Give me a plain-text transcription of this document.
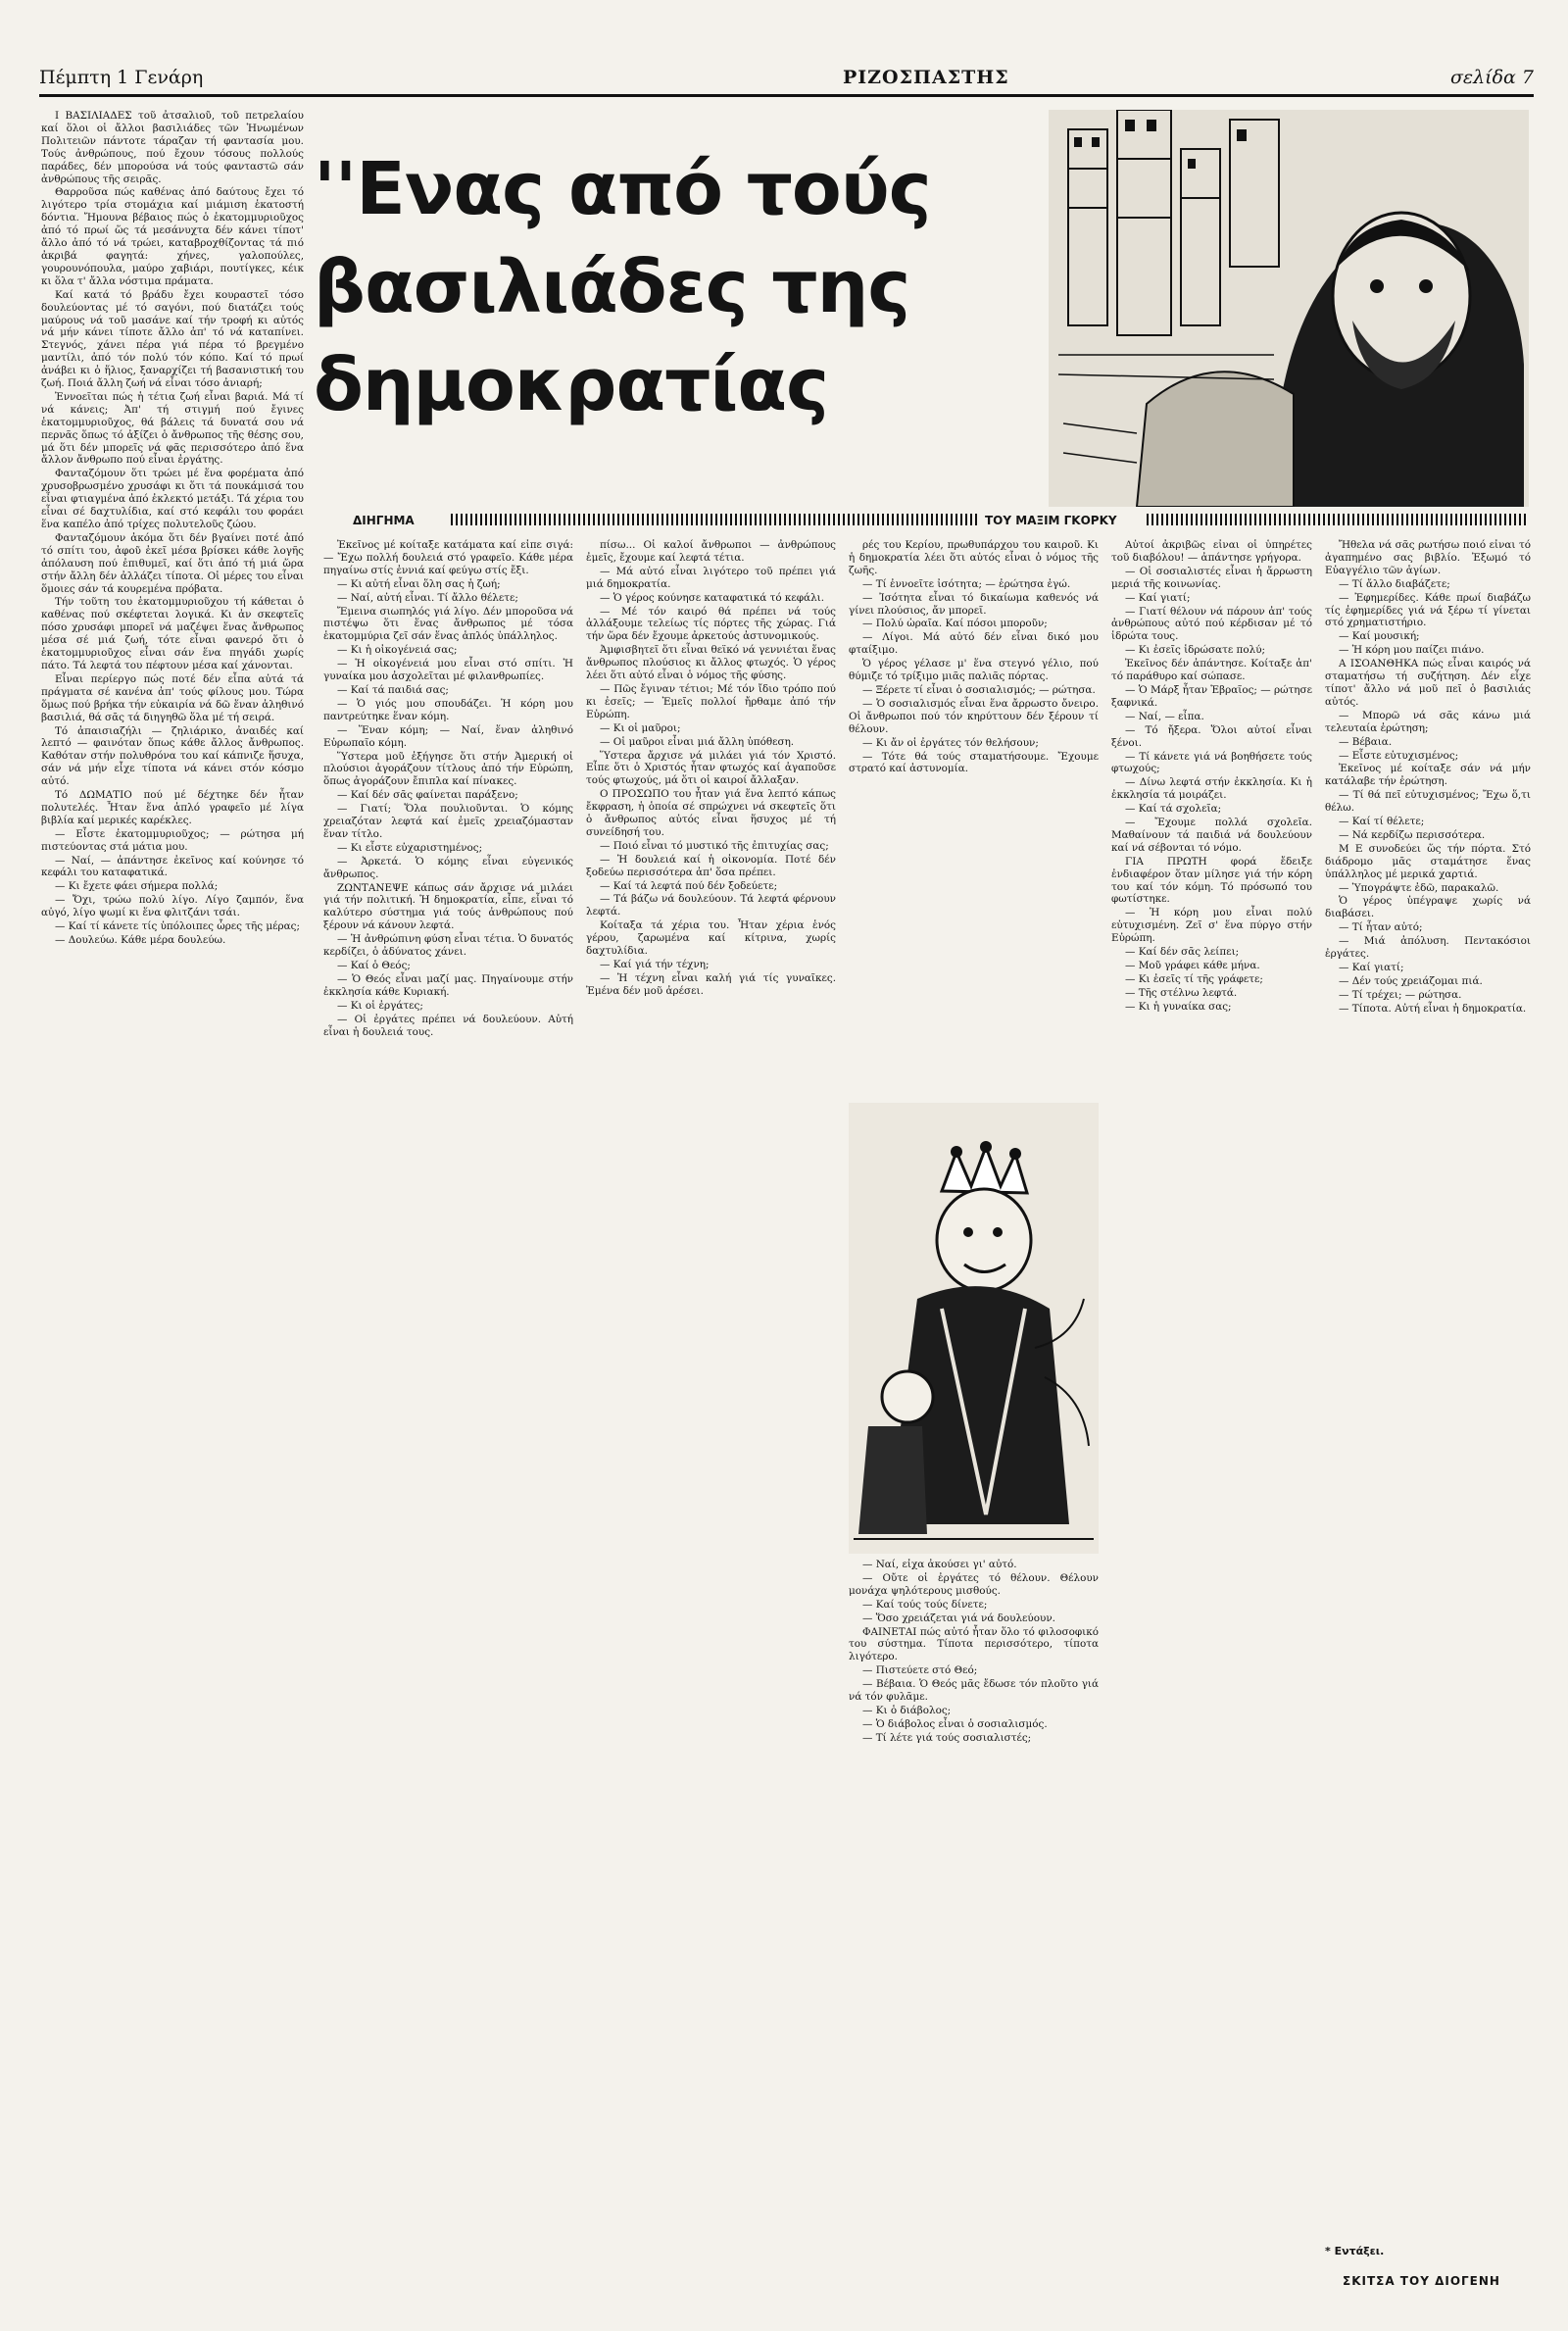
Πέμπτη 1 Γενάρη	ΡΙΖΟΣΠΑΣΤΗΣ	σελίδα 7

Ι ΒΑΣΙΛΙΑΔΕΣ τοῦ ἀτσαλιοῦ, τοῦ πετρελαίου καί ὅλοι οἱ ἄλλοι βασιλιάδες τῶν Ἡνωμένων Πολιτειῶν πάντοτε τάραζαν τή φαντασία μου. Τούς ἀνθρώπους, πού ἔχουν τόσους πολλούς παράδες, δέν μπορούσα νά τούς φανταστῶ σάν ἀνθρώπους τῆς σειρᾶς.

Θαρροῦσα πώς καθένας ἀπό δαύτους ἔχει τό λιγότερο τρία στομάχια καί μιάμιση ἑκατοστή δόντια. Ἤμουνα βέβαιος πώς ὁ ἑκατομμυριοῦχος ἀπό τό πρωί ὥς τά μεσάνυχτα δέν κάνει τίποτ' ἄλλο ἀπό τό νά τρώει, καταβροχθίζοντας τά πιό ἀκριβά φαγητά: χήνες, γαλοπούλες, γουρουνόπουλα, μαύρο χαβιάρι, πουτίγκες, κέικ κι ὅλα τ' ἄλλα νόστιμα πράματα.

Καί κατά τό βράδυ ἔχει κουραστεῖ τόσο δουλεύοντας μέ τό σαγόνι, πού διατάζει τούς μαύρους νά τοῦ μασάνε καί τήν τροφή κι αὐτός νά μήν κάνει τίποτε ἄλλο ἀπ' τό νά καταπίνει. Στεγνός, χάνει πέρα γιά πέρα τό βρεγμένο μαντίλι, ἀπό τόν πολύ τόν κόπο. Καί τό πρωί ἀνάβει κι ὁ ἥλιος, ξαναρχίζει τή βασανιστική του ζωή. Ποιά ἄλλη ζωή νά εἶναι τόσο ἀνιαρή;

Ἐννοεῖται πώς ἡ τέτια ζωή εἶναι βαριά. Μά τί νά κάνεις; Ἀπ' τή στιγμή πού ἔγινες ἑκατομμυριοῦχος, θά βάλεις τά δυνατά σου νά περνᾶς ὅπως τό ἀξίζει ὁ ἄνθρωπος τῆς θέσης σου, μά ὅτι δέν μπορεῖς νά φᾶς περισσότερο ἀπό ἕνα ἄλλον ἄνθρωπο πού εἶναι ἐργάτης.

Φανταζόμουν ὅτι τρώει μέ ἕνα φορέματα ἀπό χρυσοβρωσμένο χρυσάφι κι ὅτι τά πουκάμισά του εἶναι φτιαγμένα ἀπό ἐκλεκτό μετάξι. Τά χέρια του εἶναι σέ δαχτυλίδια, καί στό κεφάλι του φοράει ἕνα καπέλο ἀπό τρίχες πολυτελοῦς ζώου.

Φανταζόμουν ἀκόμα ὅτι δέν βγαίνει ποτέ ἀπό τό σπίτι του, ἀφοῦ ἐκεῖ μέσα βρίσκει κάθε λογῆς ἀπόλαυση πού ἐπιθυμεῖ, καί ὅτι ἀπό τή μιά ὥρα στήν ἄλλη δέν ἀλλάζει τίποτα. Οἱ μέρες του εἶναι ὅμοιες σάν τά κουρεμένα πρόβατα.

Τήν τοῦτη του ἑκατομμυριοῦχου τή κάθεται ὁ καθένας πού σκέφτεται λογικά. Κι ἀν σκεφτεῖς πόσο χρυσάφι μπορεῖ νά μαζέψει ἕνας ἄνθρωπος μέσα σέ μιά ζωή, τότε εἶναι φανερό ὅτι ὁ ἑκατομμυριοῦχος εἶναι σάν ἕνα πηγάδι χωρίς πάτο. Τά λεφτά του πέφτουν μέσα καί χάνονται.

Εἶναι περίεργο πώς ποτέ δέν εἶπα αὐτά τά πράγματα σέ κανένα ἀπ' τούς φίλους μου. Τώρα ὅμως πού βρήκα τήν εὐκαιρία νά δῶ ἕναν ἀληθινό βασιλιά, θά σᾶς τά διηγηθῶ ὅλα μέ τή σειρά.

Τό ἀπαισιαζήλι — ζηλιάρικο, ἀναιδές καί λεπτό — φαινόταν ὅπως κάθε ἄλλος ἄνθρωπος. Καθόταν στήν πολυθρόνα του καί κάπνιζε ἥσυχα, σάν νά μήν εἶχε τίποτα νά κάνει στόν κόσμο αὐτό.

Τό ΔΩΜΑΤΙΟ πού μέ δέχτηκε δέν ἦταν πολυτελές. Ἦταν ἕνα ἀπλό γραφεῖο μέ λίγα βιβλία καί μερικές καρέκλες.

— Εἶστε ἑκατομμυριοῦχος; — ρώτησα μή πιστεύοντας στά μάτια μου.

— Ναί, — ἀπάντησε ἐκεῖνος καί κούνησε τό κεφάλι του καταφατικά.

— Κι ἔχετε φάει σήμερα πολλά;

— Ὄχι, τρώω πολύ λίγο. Λίγο ζαμπόν, ἕνα αὐγό, λίγο ψωμί κι ἕνα φλιτζάνι τσάι.

— Καί τί κάνετε τίς ὑπόλοιπες ὧρες τῆς μέρας;

— Δουλεύω. Κάθε μέρα δουλεύω.

''Ενας από τούς
βασιλιάδες της
δημοκρατίας
ΔΙΗΓΗΜΑ	ΤΟΥ ΜΑΞΙΜ ΓΚΟΡΚΥ

Ἐκεῖνος μέ κοίταξε κατάματα καί εἶπε σιγά: — Ἔχω πολλή δουλειά στό γραφεῖο. Κάθε μέρα πηγαίνω στίς ἐννιά καί φεύγω στίς ἔξι.

— Κι αὐτή εἶναι ὅλη σας ἡ ζωή;

— Ναί, αὐτή εἶναι. Τί ἄλλο θέλετε;

Ἔμεινα σιωπηλός γιά λίγο. Δέν μποροῦσα νά πιστέψω ὅτι ἕνας ἄνθρωπος μέ τόσα ἑκατομμύρια ζεῖ σάν ἕνας ἁπλός ὑπάλληλος.

— Κι ἡ οἰκογένειά σας;

— Ἡ οἰκογένειά μου εἶναι στό σπίτι. Ἡ γυναίκα μου ἀσχολεῖται μέ φιλανθρωπίες.

— Καί τά παιδιά σας;

— Ὁ γιός μου σπουδάζει. Ἡ κόρη μου παντρεύτηκε ἕναν κόμη.

— Ἕναν κόμη; — Ναί, ἕναν ἀληθινό Εὐρωπαῖο κόμη.

Ὕστερα μοῦ ἐξήγησε ὅτι στήν Ἀμερική οἱ πλούσιοι ἀγοράζουν τίτλους ἀπό τήν Εὐρώπη, ὅπως ἀγοράζουν ἔπιπλα καί πίνακες.

— Καί δέν σᾶς φαίνεται παράξενο;

— Γιατί; Ὅλα πουλιοῦνται. Ὁ κόμης χρειαζόταν λεφτά καί ἐμεῖς χρειαζόμασταν ἕναν τίτλο.

— Κι εἶστε εὐχαριστημένος;

— Ἀρκετά. Ὁ κόμης εἶναι εὐγενικός ἄνθρωπος.

ΖΩΝΤΑΝΕΨΕ κάπως σάν ἄρχισε νά μιλάει γιά τήν πολιτική. Ἡ δημοκρατία, εἶπε, εἶναι τό καλύτερο σύστημα γιά τούς ἀνθρώπους πού ξέρουν νά κάνουν λεφτά.

— Ἡ ἀνθρώπινη φύση εἶναι τέτια. Ὁ δυνατός κερδίζει, ὁ ἀδύνατος χάνει.

— Καί ὁ Θεός;

— Ὁ Θεός εἶναι μαζί μας. Πηγαίνουμε στήν ἐκκλησία κάθε Κυριακή.

— Κι οἱ ἐργάτες;

— Οἱ ἐργάτες πρέπει νά δουλεύουν. Αὐτή εἶναι ἡ δουλειά τους.

πίσω... Οἱ καλοί ἄνθρωποι — ἀνθρώπους ἐμεῖς, ἔχουμε καί λεφτά τέτια.

— Μά αὐτό εἶναι λιγότερο τοῦ πρέπει γιά μιά δημοκρατία.

— Ὁ γέρος κούνησε καταφατικά τό κεφάλι.

— Μέ τόν καιρό θά πρέπει νά τούς ἀλλάξουμε τελείως τίς πόρτες τῆς χώρας. Γιά τήν ὥρα δέν ἔχουμε ἀρκετούς ἀστυνομικούς.

Ἀμφισβητεῖ ὅτι εἶναι θεϊκό νά γεννιέται ἕνας ἄνθρωπος πλούσιος κι ἄλλος φτωχός. Ὁ γέρος λέει ὅτι αὐτό εἶναι ὁ νόμος τῆς φύσης.

— Πῶς ἔγιναν τέτιοι; Μέ τόν ἴδιο τρόπο πού κι ἐσεῖς; — Ἐμεῖς πολλοί ἤρθαμε ἀπό τήν Εὐρώπη.

— Κι οἱ μαῦροι;

— Οἱ μαῦροι εἶναι μιά ἄλλη ὑπόθεση.

Ὕστερα ἄρχισε νά μιλάει γιά τόν Χριστό. Εἶπε ὅτι ὁ Χριστός ἦταν φτωχός καί ἀγαποῦσε τούς φτωχούς, μά ὅτι οἱ καιροί ἄλλαξαν.

Ο ΠΡΟΣΩΠΟ του ἦταν γιά ἕνα λεπτό κάπως ἔκφραση, ἡ ὁποία σέ σπρώχνει νά σκεφτεῖς ὅτι ὁ ἄνθρωπος αὐτός εἶναι ἥσυχος μέ τή συνείδησή του.

— Ποιό εἶναι τό μυστικό τῆς ἐπιτυχίας σας;

— Ἡ δουλειά καί ἡ οἰκονομία. Ποτέ δέν ξοδεύω περισσότερα ἀπ' ὅσα πρέπει.

— Καί τά λεφτά πού δέν ξοδεύετε;

— Τά βάζω νά δουλεύουν. Τά λεφτά φέρνουν λεφτά.

Κοίταξα τά χέρια του. Ἦταν χέρια ἑνός γέρου, ζαρωμένα καί κίτρινα, χωρίς δαχτυλίδια.

— Καί γιά τήν τέχνη;

— Ἡ τέχνη εἶναι καλή γιά τίς γυναῖκες. Ἐμένα δέν μοῦ ἀρέσει.

ρές του Κερίου, πρωθυπάρχου του καιροῦ. Κι ἡ δημοκρατία λέει ὅτι αὐτός εἶναι ὁ νόμος τῆς ζωῆς.

— Τί ἐννοεῖτε ἰσότητα; — ἐρώτησα ἐγώ.

— Ἰσότητα εἶναι τό δικαίωμα καθενός νά γίνει πλούσιος, ἄν μπορεῖ.

— Πολύ ὡραῖα. Καί πόσοι μποροῦν;

— Λίγοι. Μά αὐτό δέν εἶναι δικό μου φταίξιμο.

Ὁ γέρος γέλασε μ' ἕνα στεγνό γέλιο, πού θύμιζε τό τρίξιμο μιᾶς παλιᾶς πόρτας.

— Ξέρετε τί εἶναι ὁ σοσιαλισμός; — ρώτησα.

— Ὁ σοσιαλισμός εἶναι ἕνα ἄρρωστο ὄνειρο. Οἱ ἄνθρωποι πού τόν κηρύττουν δέν ξέρουν τί θέλουν.

— Κι ἄν οἱ ἐργάτες τόν θελήσουν;

— Τότε θά τούς σταματήσουμε. Ἔχουμε στρατό καί ἀστυνομία.

— Ναί, εἶχα ἀκούσει γι' αὐτό.

— Οὔτε οἱ ἐργάτες τό θέλουν. Θέλουν μονάχα ψηλότερους μισθούς.

— Καί τούς τούς δίνετε;

— Ὅσο χρειάζεται γιά νά δουλεύουν.

ΦΑΙΝΕΤΑΙ πώς αὐτό ἦταν ὅλο τό φιλοσοφικό του σύστημα. Τίποτα περισσότερο, τίποτα λιγότερο.

— Πιστεύετε στό Θεό;

— Βέβαια. Ὁ Θεός μᾶς ἔδωσε τόν πλοῦτο γιά νά τόν φυλᾶμε.

— Κι ὁ διάβολος;

— Ὁ διάβολος εἶναι ὁ σοσιαλισμός.

— Τί λέτε γιά τούς σοσιαλιστές;

Αὐτοί ἀκριβῶς εἶναι οἱ ὑπηρέτες τοῦ διαβόλου! — ἀπάντησε γρήγορα.

— Οἱ σοσιαλιστές εἶναι ἡ ἄρρωστη μεριά τῆς κοινωνίας.

— Καί γιατί;

— Γιατί θέλουν νά πάρουν ἀπ' τούς ἀνθρώπους αὐτό πού κέρδισαν μέ τό ἱδρώτα τους.

— Κι ἐσεῖς ἱδρώσατε πολύ;

Ἐκεῖνος δέν ἀπάντησε. Κοίταξε ἀπ' τό παράθυρο καί σώπασε.

— Ὁ Μάρξ ἦταν Ἑβραῖος; — ρώτησε ξαφνικά.

— Ναί, — εἶπα.

— Τό ἤξερα. Ὅλοι αὐτοί εἶναι ξένοι.

— Τί κάνετε γιά νά βοηθήσετε τούς φτωχούς;

— Δίνω λεφτά στήν ἐκκλησία. Κι ἡ ἐκκλησία τά μοιράζει.

— Καί τά σχολεῖα;

— Ἔχουμε πολλά σχολεῖα. Μαθαίνουν τά παιδιά νά δουλεύουν καί νά σέβονται τό νόμο.

ΓΙΑ ΠΡΩΤΗ φορά ἔδειξε ἐνδιαφέρον ὅταν μίλησε γιά τήν κόρη του καί τόν κόμη. Τό πρόσωπό του φωτίστηκε.

— Ἡ κόρη μου εἶναι πολύ εὐτυχισμένη. Ζεῖ σ' ἕνα πύργο στήν Εὐρώπη.

— Καί δέν σᾶς λείπει;

— Μοῦ γράφει κάθε μήνα.

— Κι ἐσεῖς τί τῆς γράφετε;

— Τῆς στέλνω λεφτά.

— Κι ἡ γυναίκα σας;

Ἤθελα νά σᾶς ρωτήσω ποιό εἶναι τό ἀγαπημένο σας βιβλίο. Ἐξωμό τό Εὐαγγέλιο τῶν ἁγίων.

— Τί ἄλλο διαβάζετε;

— Ἐφημερίδες. Κάθε πρωί διαβάζω τίς ἐφημερίδες γιά νά ξέρω τί γίνεται στό χρηματιστήριο.

— Καί μουσική;

— Ἡ κόρη μου παίζει πιάνο.

Α ΙΣΟΑΝΘΗΚΑ πώς εἶναι καιρός νά σταματήσω τή συζήτηση. Δέν εἶχε τίποτ' ἄλλο νά μοῦ πεῖ ὁ βασιλιάς αὐτός.

— Μπορῶ νά σᾶς κάνω μιά τελευταία ἐρώτηση;

— Βέβαια.

— Εἶστε εὐτυχισμένος;

Ἐκεῖνος μέ κοίταξε σάν νά μήν κατάλαβε τήν ἐρώτηση.

— Τί θά πεῖ εὐτυχισμένος; Ἔχω ὅ,τι θέλω.

— Καί τί θέλετε;

— Νά κερδίζω περισσότερα.

Μ Ε συνοδεύει ὥς τήν πόρτα. Στό διάδρομο μᾶς σταμάτησε ἕνας ὑπάλληλος μέ μερικά χαρτιά.

— Ὑπογράψτε ἐδῶ, παρακαλῶ.

Ὁ γέρος ὑπέγραψε χωρίς νά διαβάσει.

— Τί ἦταν αὐτό;

— Μιά ἀπόλυση. Πεντακόσιοι ἐργάτες.

— Καί γιατί;

— Δέν τούς χρειάζομαι πιά.

— Τί τρέχει; — ρώτησα.

— Τίποτα. Αὐτή εἶναι ἡ δημοκρατία.

* Εντάξει.
ΣΚΙΤΣΑ ΤΟΥ ΔΙΟΓΕΝΗ
